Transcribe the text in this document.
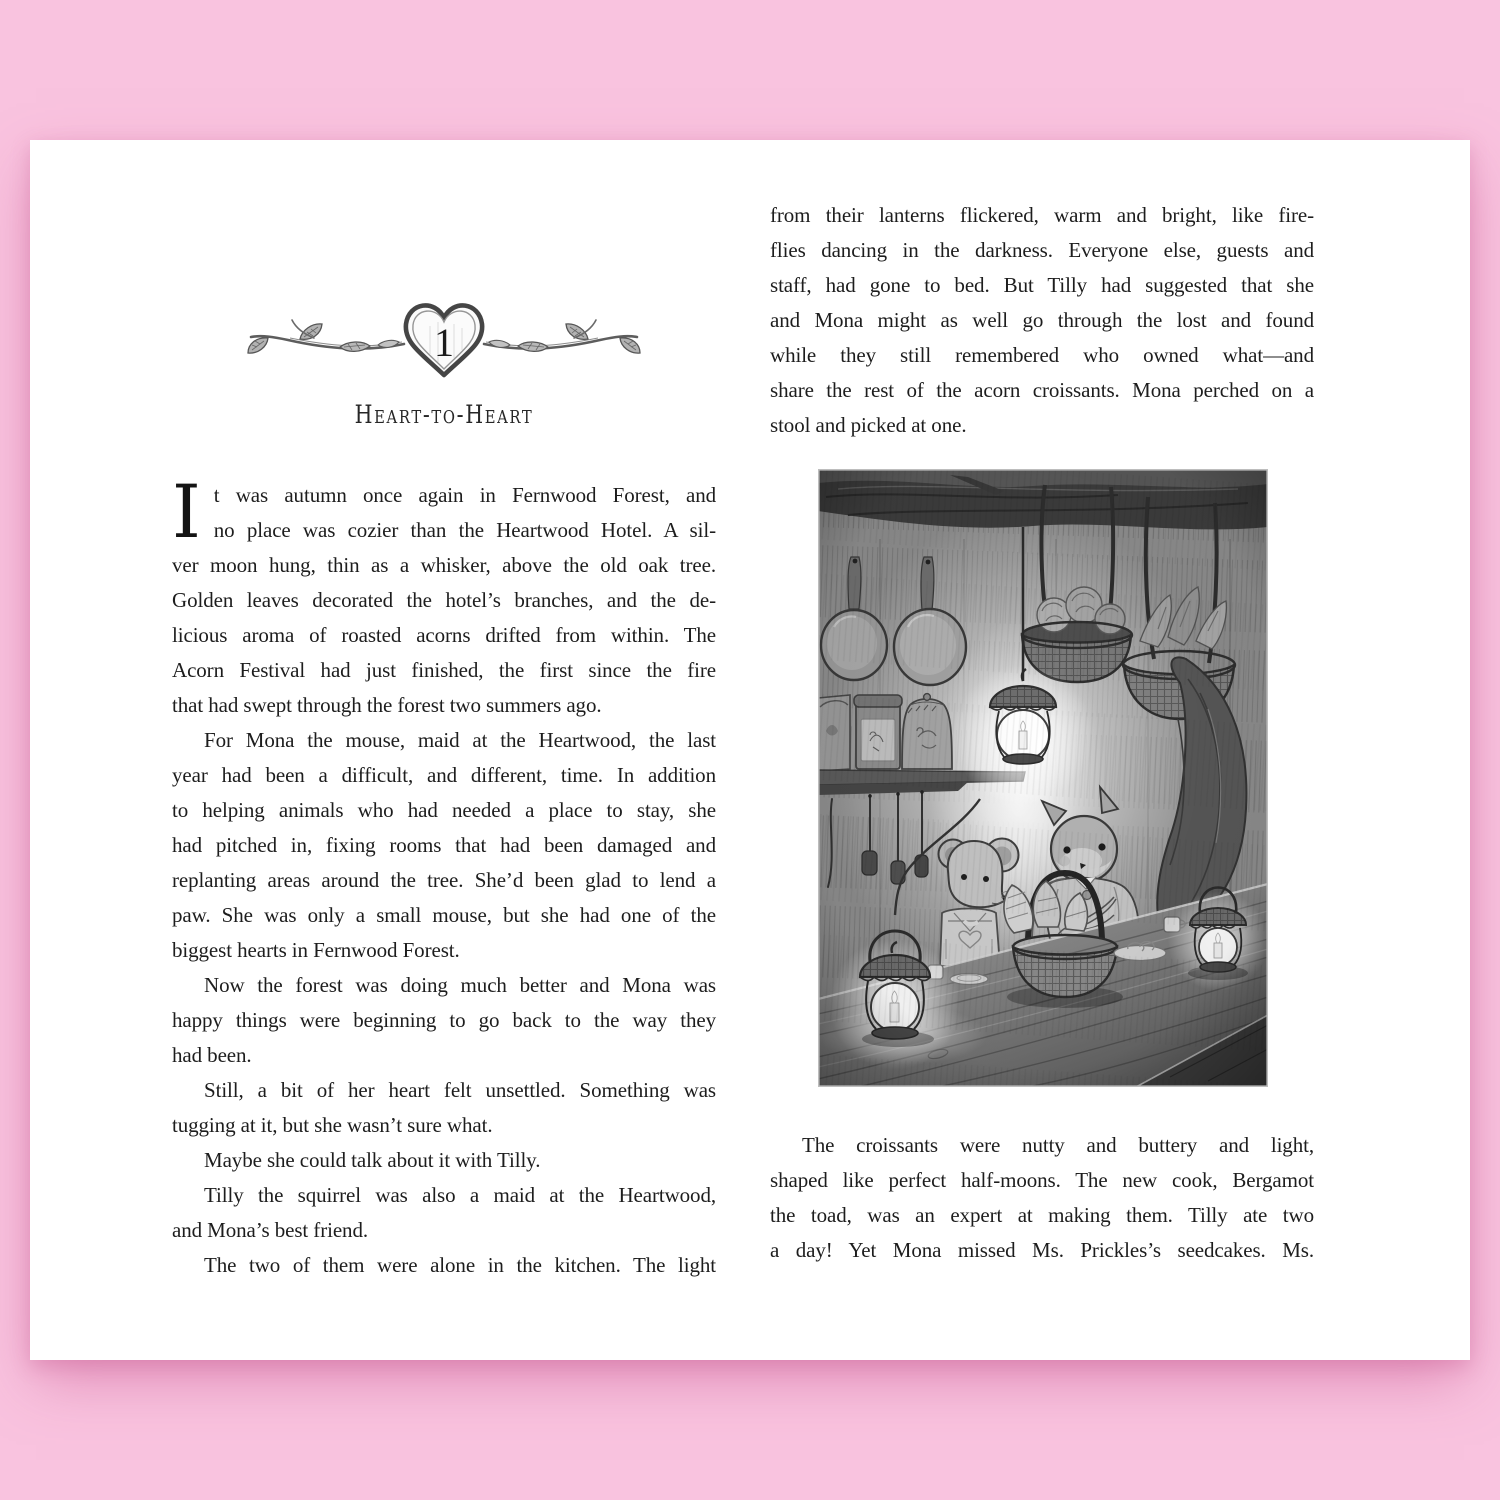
1
Heart-to-Heart
I t was autumn once again in Fernwood Forest, and
no place was cozier than the Heartwood Hotel. A sil-
ver moon hung, thin as a whisker, above the old oak tree.
Golden leaves decorated the hotel’s branches, and the de-
licious aroma of roasted acorns drifted from within. The
Acorn Festival had just finished, the first since the fire
that had swept through the forest two summers ago.
For Mona the mouse, maid at the Heartwood, the last
year had been a difficult, and different, time. In addition
to helping animals who had needed a place to stay, she
had pitched in, fixing rooms that had been damaged and
replanting areas around the tree. She’d been glad to lend a
paw. She was only a small mouse, but she had one of the
biggest hearts in Fernwood Forest.
Now the forest was doing much better and Mona was
happy things were beginning to go back to the way they
had been.
Still, a bit of her heart felt unsettled. Something was
tugging at it, but she wasn’t sure what.
Maybe she could talk about it with Tilly.
Tilly the squirrel was also a maid at the Heartwood,
and Mona’s best friend.
The two of them were alone in the kitchen. The light
from their lanterns flickered, warm and bright, like fire-
flies dancing in the darkness. Everyone else, guests and
staff, had gone to bed. But Tilly had suggested that she
and Mona might as well go through the lost and found
while they still remembered who owned what—and
share the rest of the acorn croissants. Mona perched on a
stool and picked at one.
The croissants were nutty and buttery and light,
shaped like perfect half-moons. The new cook, Bergamot
the toad, was an expert at making them. Tilly ate two
a day! Yet Mona missed Ms. Prickles’s seedcakes. Ms.
